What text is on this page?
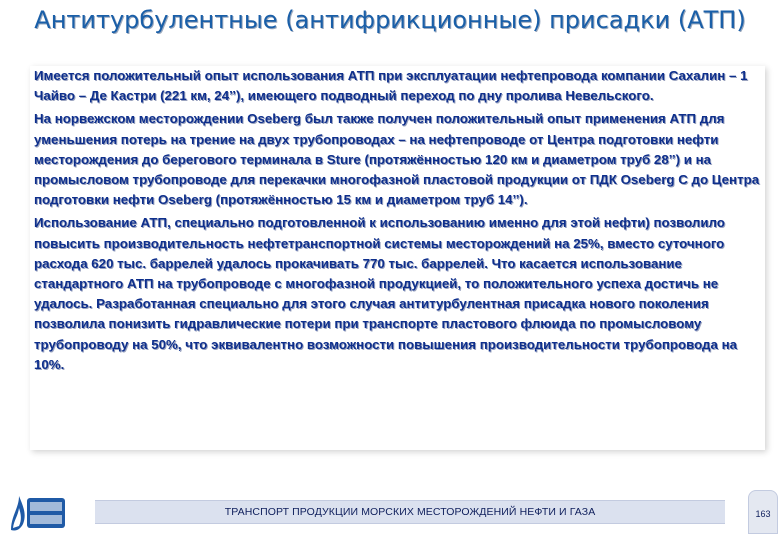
Антитурбулентные (антифрикционные) присадки (АТП)

Имеется положительный опыт использования АТП при эксплуатации нефтепровода компании Сахалин – 1 Чайво – Де Кастри (221 км, 24’’), имеющего подводный переход по дну пролива Невельского.

На норвежском месторождении Oseberg был также получен положительный опыт применения АТП для уменьшения потерь на трение на двух трубопроводах – на нефтепроводе от Центра подготовки нефти месторождения до берегового терминала в Sture (протяжённостью 120 км и диаметром труб 28’’) и на промысловом трубопроводе для перекачки многофазной пластовой продукции от ПДК Oseberg C до Центра подготовки нефти Oseberg (протяжённостью 15 км и диаметром труб 14’’).

Использование АТП, специально подготовленной к использованию именно для этой нефти) позволило повысить производительность нефтетранспортной системы месторождений на 25%, вместо суточного расхода 620 тыс. баррелей удалось прокачивать 770 тыс. баррелей. Что касается использование стандартного АТП на трубопроводе с многофазной продукцией, то положительного успеха достичь не удалось. Разработанная специально для этого случая антитурбулентная присадка нового поколения позволила понизить гидравлические потери при транспорте пластового флюида по промысловому трубопроводу на 50%, что эквивалентно возможности повышения производительности трубопровода на 10%.

ТРАНСПОРТ ПРОДУКЦИИ МОРСКИХ МЕСТОРОЖДЕНИЙ НЕФТИ И ГАЗА	163
